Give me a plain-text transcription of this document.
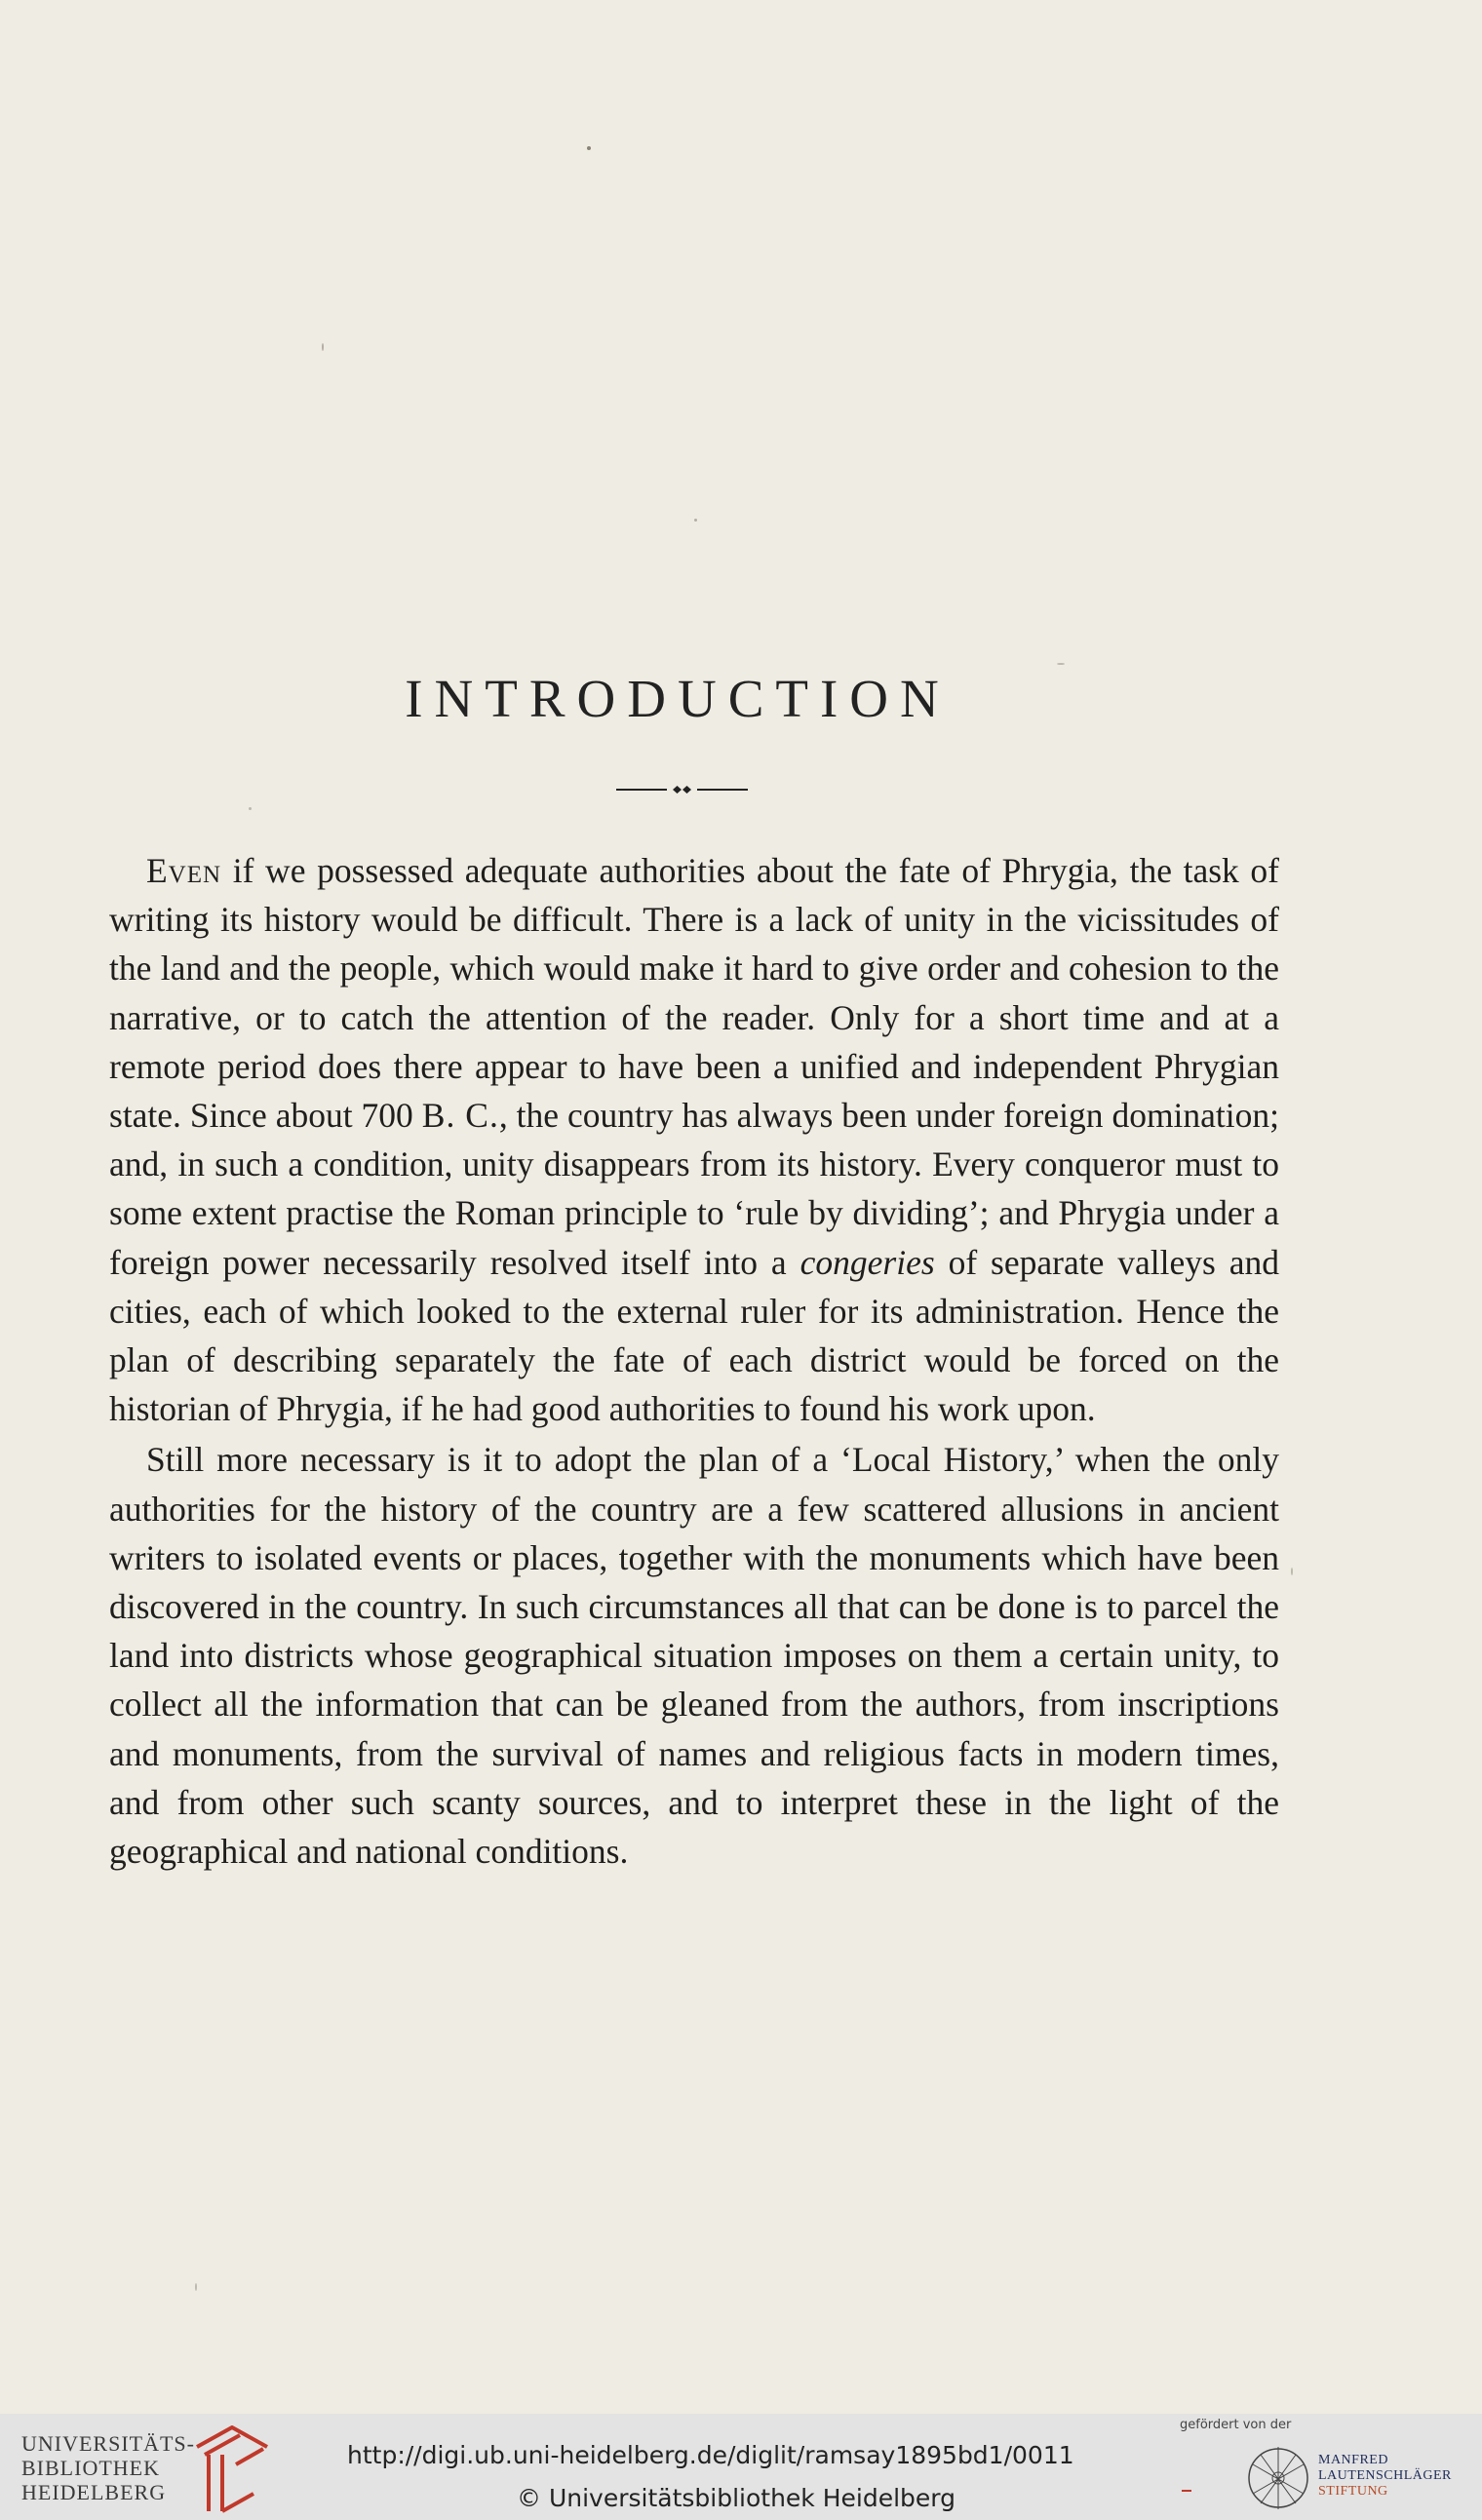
INTRODUCTION

Even if we possessed adequate authorities about the fate of Phrygia, the task of writing its history would be difficult. There is a lack of unity in the vicissitudes of the land and the people, which would make it hard to give order and cohesion to the narrative, or to catch the attention of the reader. Only for a short time and at a remote period does there appear to have been a unified and independent Phrygian state. Since about 700 B. C., the country has always been under foreign domination; and, in such a condition, unity disappears from its history. Every conqueror must to some extent practise the Roman principle to ‘rule by dividing’; and Phrygia under a foreign power necessarily resolved itself into a congeries of separate valleys and cities, each of which looked to the external ruler for its administration. Hence the plan of describing separately the fate of each district would be forced on the historian of Phrygia, if he had good authorities to found his work upon.

Still more necessary is it to adopt the plan of a ‘Local History,’ when the only authorities for the history of the country are a few scattered allusions in ancient writers to isolated events or places, together with the monuments which have been discovered in the country. In such circumstances all that can be done is to parcel the land into districts whose geographical situation imposes on them a certain unity, to collect all the information that can be gleaned from the authors, from inscriptions and monuments, from the survival of names and religious facts in modern times, and from other such scanty sources, and to interpret these in the light of the geographical and national conditions.

UNIVERSITÄTS-
BIBLIOTHEK
HEIDELBERG
http://digi.ub.uni-heidelberg.de/diglit/ramsay1895bd1/0011
© Universitätsbibliothek Heidelberg
gefördert von der
MANFRED
LAUTENSCHLÄGER
STIFTUNG
